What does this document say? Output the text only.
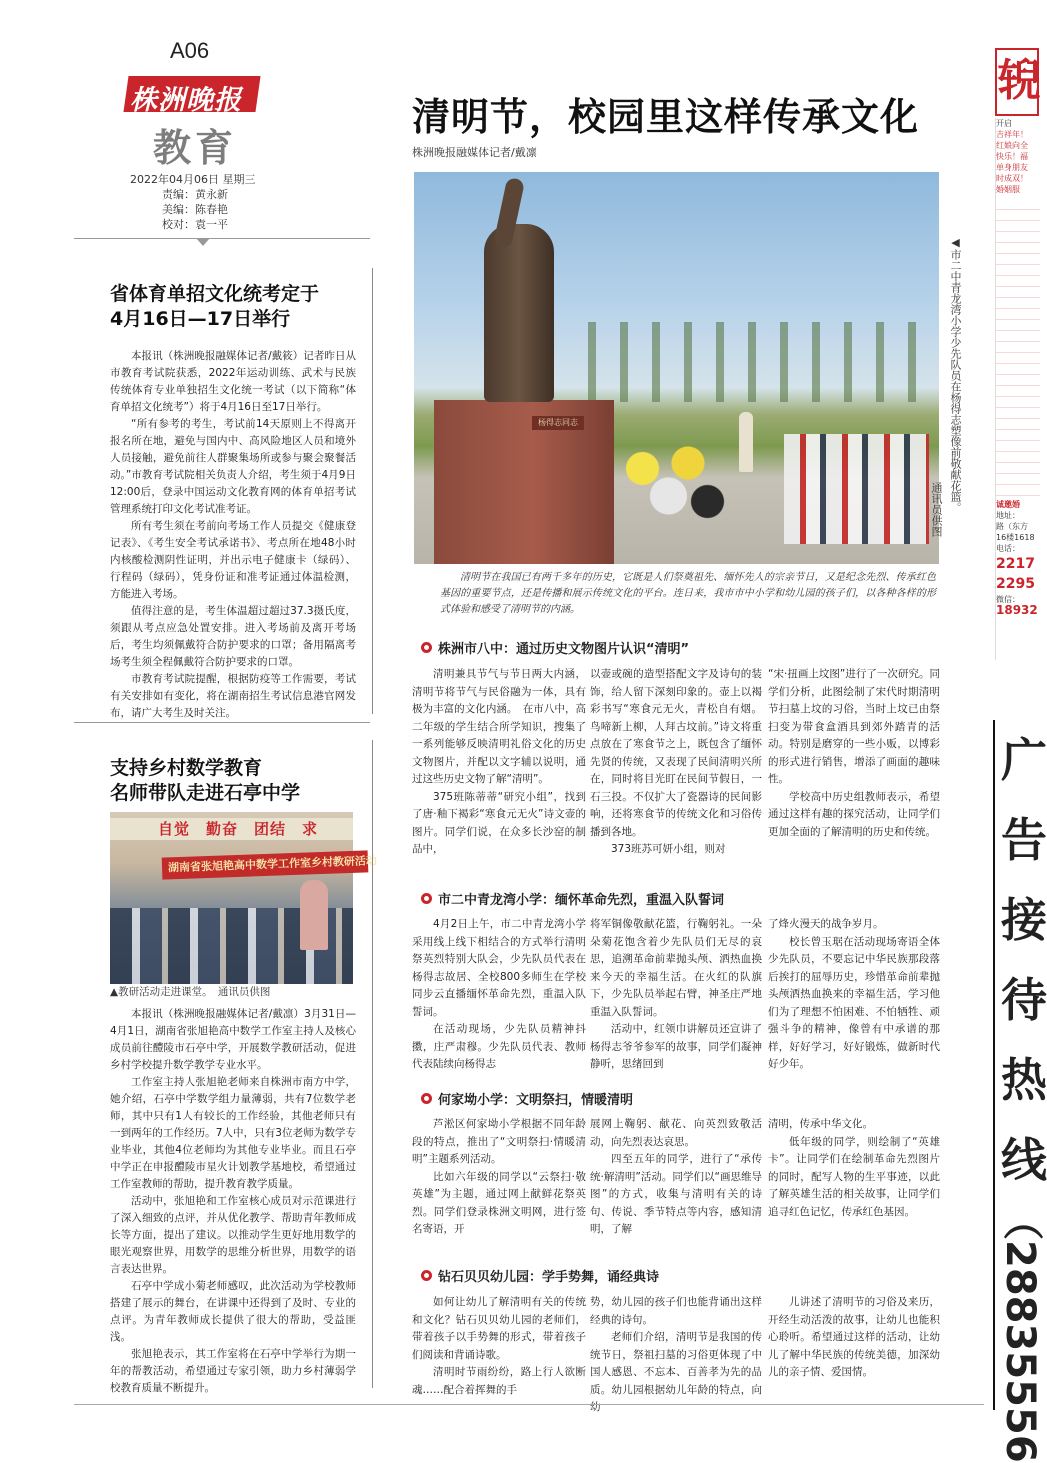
A06
株洲晚报
教育
2022年04月06日 星期三
责编：黄永新
美编：陈春艳
校对：袁一平
省体育单招文化统考定于
4月16日—17日举行

本报讯（株洲晚报融媒体记者/戴筱）记者昨日从市教育考试院获悉，2022年运动训练、武术与民族传统体育专业单独招生文化统一考试（以下简称“体育单招文化统考”）将于4月16日至17日举行。

“所有参考的考生，考试前14天原则上不得离开报名所在地，避免与国内中、高风险地区人员和境外人员接触，避免前往人群聚集场所或参与聚会聚餐活动。”市教育考试院相关负责人介绍，考生须于4月9日12:00后，登录中国运动文化教育网的体育单招考试管理系统打印文化考试准考证。

所有考生须在考前向考场工作人员提交《健康登记表》、《考生安全考试承诺书》、考点所在地48小时内核酸检测阴性证明，并出示电子健康卡（绿码）、行程码（绿码），凭身份证和准考证通过体温检测，方能进入考场。

值得注意的是，考生体温超过超过37.3摄氏度，须跟从考点应急处置安排。进入考场前及离开考场后，考生均须佩戴符合防护要求的口罩；备用隔离考场考生须全程佩戴符合防护要求的口罩。

市教育考试院提醒，根据防疫等工作需要，考试有关安排如有变化，将在湖南招生考试信息港官网发布，请广大考生及时关注。

支持乡村数学教育
名师带队走进石亭中学
自觉　勤奋　团结　求
湖南省张旭艳高中数学工作室乡村教研活动
▲教研活动走进课堂。　通讯员供图

本报讯（株洲晚报融媒体记者/戴凛）3月31日—4月1日，湖南省张旭艳高中数学工作室主持人及核心成员前往醴陵市石亭中学，开展数学教研活动，促进乡村学校提升数学教学专业水平。

工作室主持人张旭艳老师来自株洲市南方中学，她介绍，石亭中学数学组力量薄弱，共有7位数学老师，其中只有1人有较长的工作经验，其他老师只有一到两年的工作经历。7人中，只有3位老师为数学专业毕业，其他4位老师均为其他专业毕业。而且石亭中学正在申报醴陵市星火计划教学基地校，希望通过工作室教师的帮助，提升教育教学质量。

活动中，张旭艳和工作室核心成员对示范课进行了深入细致的点评，并从优化教学、帮助青年教师成长等方面，提出了建议。以推动学生更好地用数学的眼光观察世界，用数学的思维分析世界，用数学的语言表达世界。

石亭中学成小菊老师感叹，此次活动为学校教师搭建了展示的舞台，在讲课中还得到了及时、专业的点评。为青年教师成长提供了很大的帮助，受益匪浅。

张旭艳表示，其工作室将在石亭中学举行为期一年的帮教活动，希望通过专家引领，助力乡村薄弱学校教育质量不断提升。

清明节，校园里这样传承文化
株洲晚报融媒体记者/戴凛
杨得志同志
◀市二中青龙湾小学少先队员在杨得志塑像前敬献花篮。
通讯员供图
清明节在我国已有两千多年的历史，它既是人们祭奠祖先、缅怀先人的宗亲节日，又是纪念先烈、传承红色基因的重要节点，还是传播和展示传统文化的平台。连日来，我市市中小学和幼儿园的孩子们，以各种各样的形式体验和感受了清明节的内涵。
株洲市八中：通过历史文物图片认识“清明”

清明兼具节气与节日两大内涵，清明节将节气与民俗融为一体，具有极为丰富的文化内涵。　在市八中，高二年级的学生结合所学知识，搜集了一系列能够反映清明礼俗文化的历史文物图片，并配以文字辅以说明，通过这些历史文物了解“清明”。

375班陈蒂蒂“研究小组”，找到了唐·釉下褐彩“寒食元无火”诗文壶的图片。同学们说，在众多长沙窑的制品中，

以壶或碗的造型搭配文字及诗句的装饰，给人留下深刻印象的。壶上以褐彩书写“寒食元无火，青松自有烟。鸟啼新上柳，人拜古坟前。”诗文将重点放在了寒食节之上，既包含了缅怀先贤的传统，又表现了民间清明兴所在，同时将目光盯在民间节假日，一石三投。不仅扩大了瓷器诗的民间影响，还将寒食节的传统文化和习俗传播到各地。

373班苏可妍小组，则对

“宋·扭画上坟图”进行了一次研究。同学们分析，此图绘制了宋代时期清明节扫墓上坟的习俗，当时上坟已由祭扫变为带食盒酒具到郊外踏青的活动。特别是磨穿的一些小贩，以博彩的形式进行销售，增添了画面的趣味性。

学校高中历史组教师表示，希望通过这样有趣的探究活动，让同学们更加全面的了解清明的历史和传统。

市二中青龙湾小学：缅怀革命先烈，重温入队誓词

4月2日上午，市二中青龙湾小学采用线上线下相结合的方式举行清明祭英烈特别大队会，少先队员代表在杨得志故居、全校800多师生在学校同步云直播缅怀革命先烈，重温入队誓词。

在活动现场，少先队员精神抖擞，庄严肃穆。少先队员代表、教师代表陆续向杨得志

将军铜像敬献花篮，行鞠躬礼。一朵朵菊花饱含着少先队员们无尽的哀思，追溯革命前辈抛头颅、洒热血换来今天的幸福生活。在火红的队旗下，少先队员举起右臂，神圣庄严地重温入队誓词。

活动中，红领巾讲解员还宣讲了杨得志爷爷参军的故事，同学们凝神静听，思绪回到

了烽火漫天的战争岁月。

校长曾玉琚在活动现场寄语全体少先队员，不要忘记中华民族那段落后挨打的屈辱历史，珍惜革命前辈抛头颅洒热血换来的幸福生活，学习他们为了理想不怕困难、不怕牺牲、顽强斗争的精神，像曾有中承谱的那样，好好学习，好好锻炼，做新时代好少年。

何家坳小学：文明祭扫，情暖清明

芦淞区何家坳小学根据不同年龄段的特点，推出了“文明祭扫·情暖清明”主题系列活动。

比如六年级的同学以“云祭扫·敬英雄”为主题，通过网上献鲜花祭英烈。同学们登录株洲文明网，进行签名寄语，开

展网上鞠躬、献花、向英烈致敬活动，向先烈表达哀思。

四至五年的同学，进行了“承传统·解清明”活动。同学们以“画思维导图”的方式，收集与清明有关的诗句、传说、季节特点等内容，感知清明，了解

清明，传承中华文化。

低年级的同学，则绘制了“英雄卡”。让同学们在绘制革命先烈图片的同时，配写人物的生平事迹，以此了解英雄生活的相关故事，让同学们追寻红色记忆，传承红色基因。

钻石贝贝幼儿园：学手势舞，诵经典诗

如何让幼儿了解清明有关的传统和文化？钻石贝贝幼儿园的老师们，带着孩子以手势舞的形式，带着孩子们阅读和背诵诗歌。

清明时节雨纷纷，路上行人欲断魂……配合着挥舞的手

势，幼儿园的孩子们也能背诵出这样经典的诗句。

老师们介绍，清明节是我国的传统节日，祭祖扫墓的习俗更体现了中国人感恩、不忘本、百善孝为先的品质。幼儿园根据幼儿年龄的特点，向幼

儿讲述了清明节的习俗及来历，开经生动活泼的故事，让幼儿也能积心聆听。希望通过这样的活动，让幼儿了解中华民族的传统美德，加深幼儿的亲子情、爱国情。

𫐐
开启
吉祥年！
红娘向全
快乐！福
单身朋友
时成双！
婚姻服
诚邀婚
地址：
路（东方
16楼1618
电话：
2217
2295
微信：
18932
广
告
接
待
热
线
（28835556
